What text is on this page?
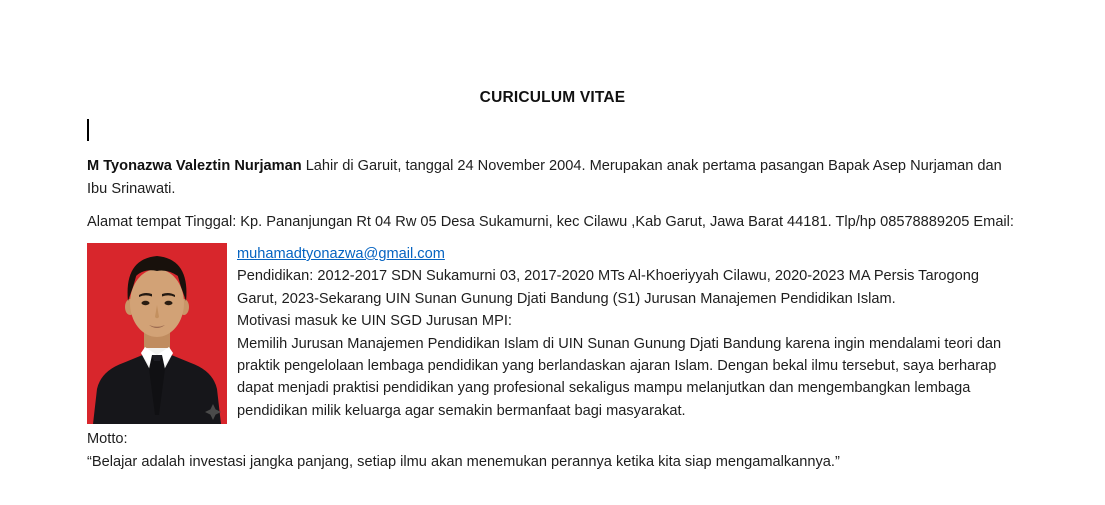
CURICULUM VITAE

M Tyonazwa Valeztin Nurjaman Lahir di Garuit, tanggal 24 November 2004. Merupakan anak pertama pasangan Bapak Asep Nurjaman dan Ibu Srinawati.

Alamat tempat Tinggal: Kp. Pananjungan Rt 04 Rw 05 Desa Sukamurni, kec Cilawu ,Kab Garut, Jawa Barat 44181. Tlp/hp 08578889205 Email:

muhamadtyonazwa@gmail.com
Pendidikan: 2012-2017 SDN Sukamurni 03, 2017-2020 MTs Al-Khoeriyyah Cilawu, 2020-2023 MA Persis Tarogong Garut, 2023-Sekarang UIN Sunan Gunung Djati Bandung (S1) Jurusan Manajemen Pendidikan Islam.
Motivasi masuk ke UIN SGD Jurusan MPI:
Memilih Jurusan Manajemen Pendidikan Islam di UIN Sunan Gunung Djati Bandung karena ingin mendalami teori dan praktik pengelolaan lembaga pendidikan yang berlandaskan ajaran Islam. Dengan bekal ilmu tersebut, saya berharap dapat menjadi praktisi pendidikan yang profesional sekaligus mampu melanjutkan dan mengembangkan lembaga pendidikan milik keluarga agar semakin bermanfaat bagi masyarakat.

Motto:

“Belajar adalah investasi jangka panjang, setiap ilmu akan menemukan perannya ketika kita siap mengamalkannya.”
